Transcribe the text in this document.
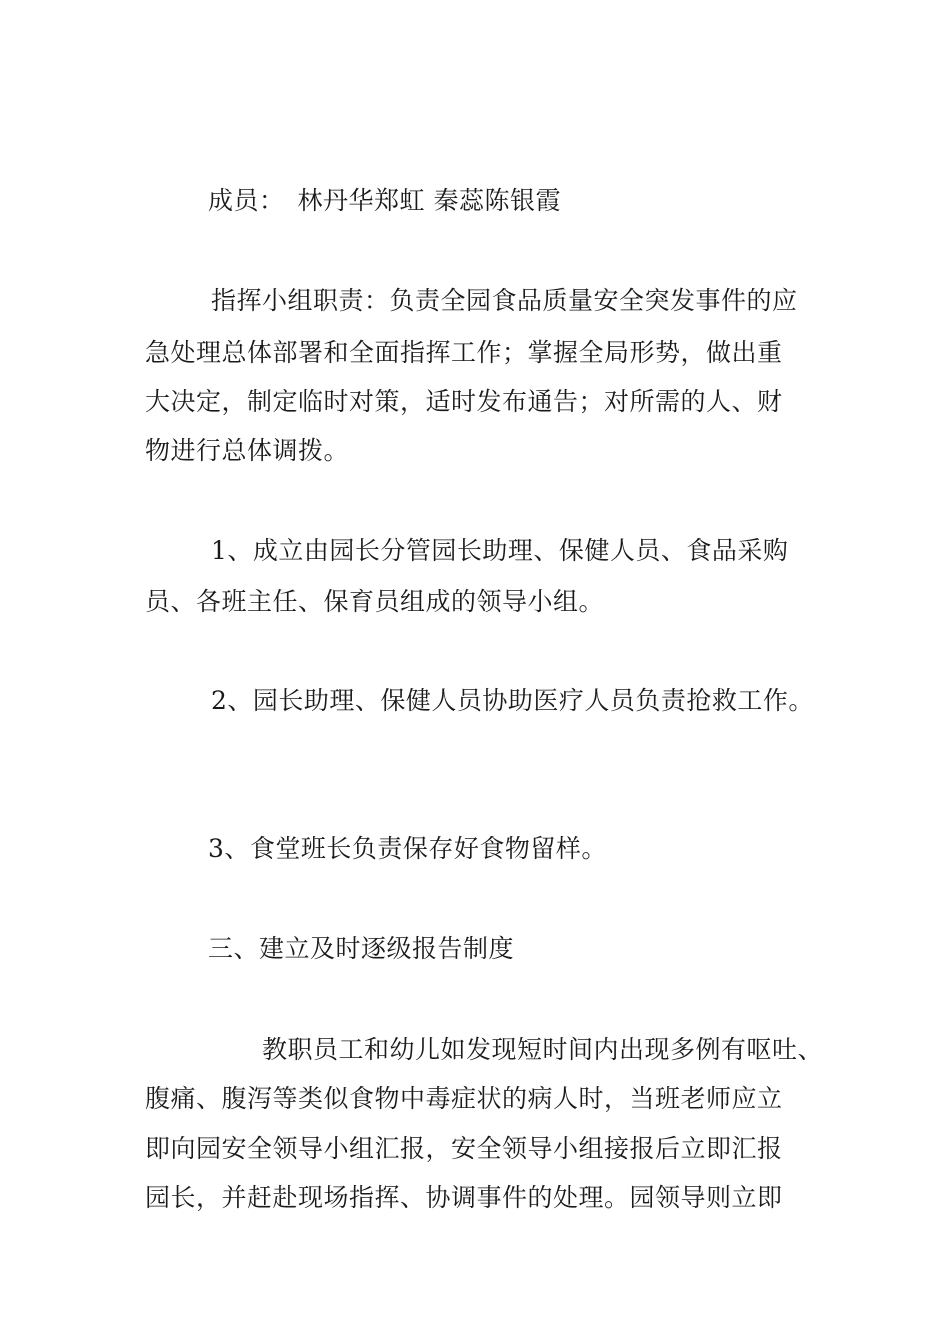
成员：　林丹华郑虹 秦蕊陈银霞
指挥小组职责：负责全园食品质量安全突发事件的应
急处理总体部署和全面指挥工作；掌握全局形势，做出重
大决定，制定临时对策，适时发布通告；对所需的人、财
物进行总体调拨。
1、成立由园长分管园长助理、保健人员、食品采购
员、各班主任、保育员组成的领导小组。
2、园长助理、保健人员协助医疗人员负责抢救工作。
3、食堂班长负责保存好食物留样。
三、建立及时逐级报告制度
教职员工和幼儿如发现短时间内出现多例有呕吐、
腹痛、腹泻等类似食物中毒症状的病人时，当班老师应立
即向园安全领导小组汇报，安全领导小组接报后立即汇报
园长，并赶赴现场指挥、协调事件的处理。园领导则立即
